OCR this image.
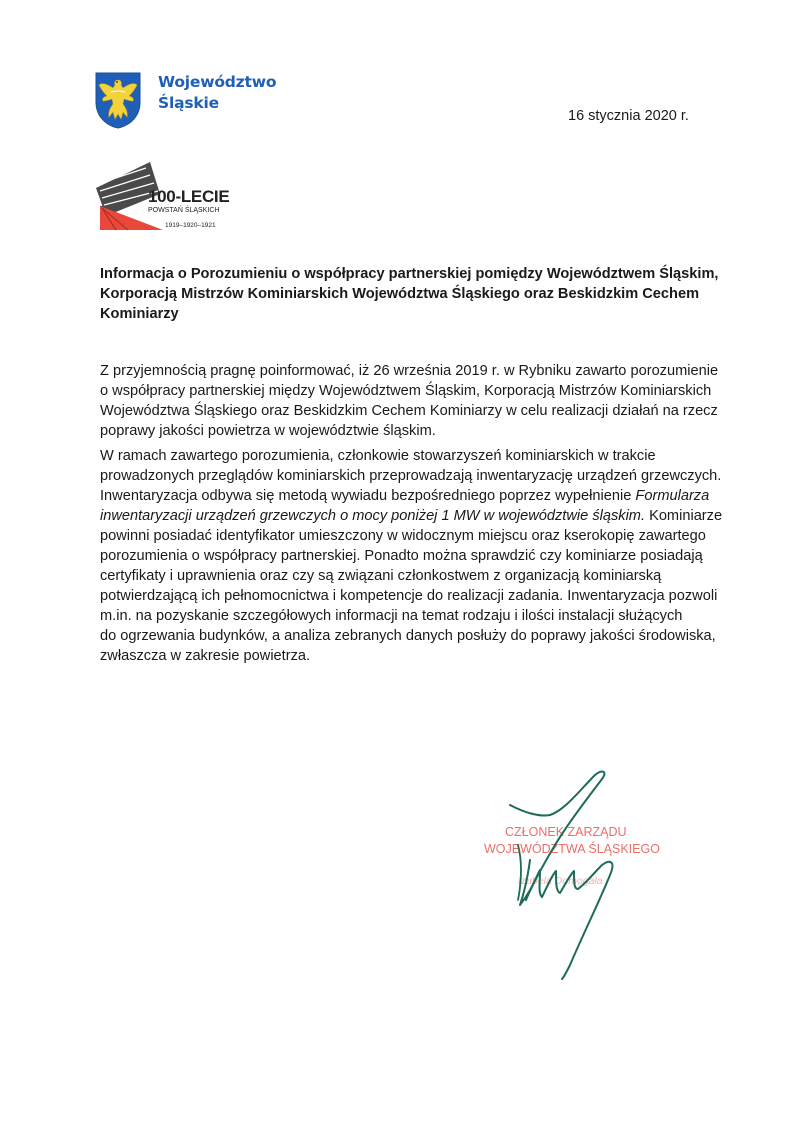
Województwo
Śląskie
16 stycznia 2020 r.
100-LECIE
POWSTAŃ ŚLĄSKICH
1919–1920–1921
Informacja o Porozumieniu o współpracy partnerskiej pomiędzy Województwem Śląskim,
Korporacją Mistrzów Kominiarskich Województwa Śląskiego oraz Beskidzkim Cechem
Kominiarzy
Z przyjemnością pragnę poinformować, iż 26 września 2019 r. w Rybniku zawarto porozumienie
o współpracy partnerskiej między Województwem Śląskim, Korporacją Mistrzów Kominiarskich
Województwa Śląskiego oraz Beskidzkim Cechem Kominiarzy w celu realizacji działań na rzecz
poprawy jakości powietrza w województwie śląskim.
W ramach zawartego porozumienia, członkowie stowarzyszeń kominiarskich w trakcie
prowadzonych przeglądów kominiarskich przeprowadzają inwentaryzację urządzeń grzewczych.
Inwentaryzacja odbywa się metodą wywiadu bezpośredniego poprzez wypełnienie Formularza
inwentaryzacji urządzeń grzewczych o mocy poniżej 1 MW w województwie śląskim. Kominiarze
powinni posiadać identyfikator umieszczony w widocznym miejscu oraz kserokopię zawartego
porozumienia o współpracy partnerskiej. Ponadto można sprawdzić czy kominiarze posiadają
certyfikaty i uprawnienia oraz czy są związani członkostwem z organizacją kominiarską
potwierdzającą ich pełnomocnictwa i kompetencje do realizacji zadania. Inwentaryzacja pozwoli
m.in. na pozyskanie szczegółowych informacji na temat rodzaju i ilości instalacji służących
do ogrzewania budynków, a analiza zebranych danych posłuży do poprawy jakości środowiska,
zwłaszcza w zakresie powietrza.
CZŁONEK ZARZĄDU
WOJEWÓDZTWA ŚLĄSKIEGO
Izabela Domogała
